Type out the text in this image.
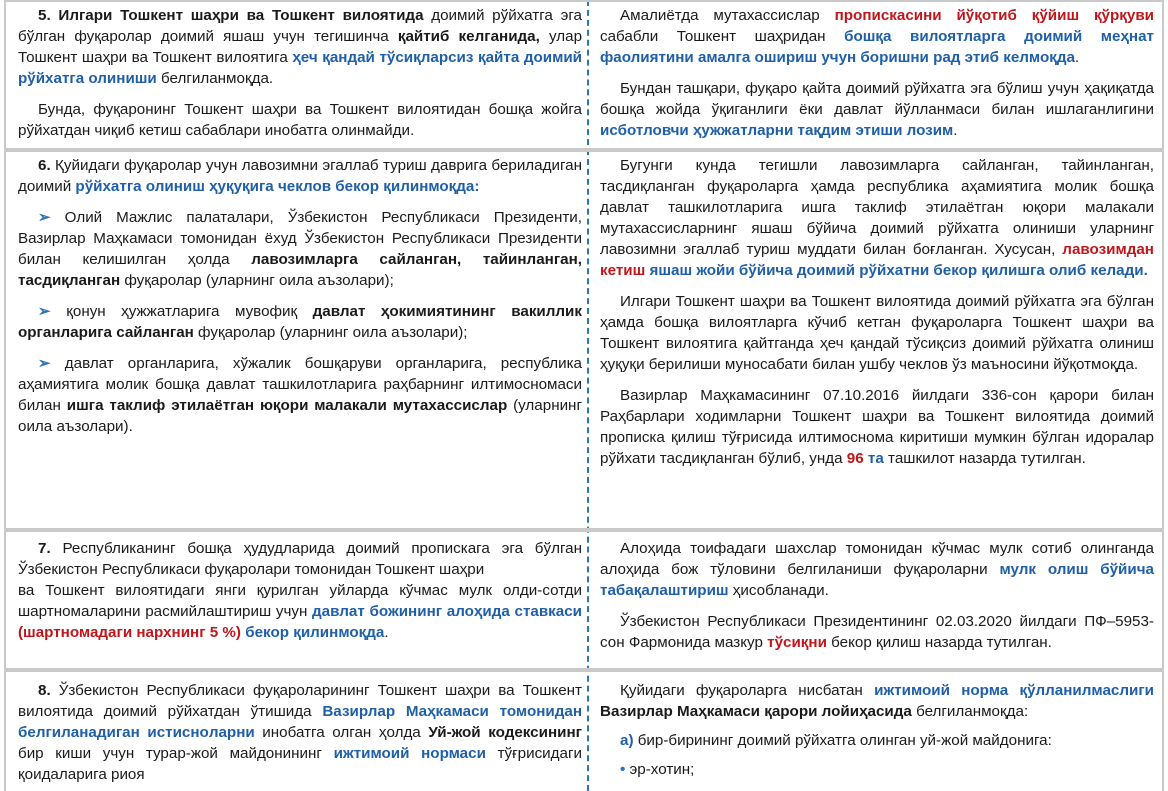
5. Илгари Тошкент шаҳри ва Тошкент вилоятида доимий рўйхатга эга бўлган фуқаролар доимий яшаш учун тегишинча қайтиб келганида, улар Тошкент шаҳри ва Тошкент вилоятига ҳеч қандай тўсиқларсиз қайта доимий рўйхатга олиниши белгиланмоқда.

Бунда, фуқаронинг Тошкент шаҳри ва Тошкент вилоятидан бошқа жойга рўйхатдан чиқиб кетиш сабаблари инобатга олинмайди.

Амалиётда мутахассислар пропискасини йўқотиб қўйиш қўрқуви сабабли Тошкент шаҳридан бошқа вилоятларга доимий меҳнат фаолиятини амалга ошириш учун боришни рад этиб келмоқда.

Бундан ташқари, фуқаро қайта доимий рўйхатга эга бўлиш учун ҳақиқатда бошқа жойда ўқиганлиги ёки давлат йўлланмаси билан ишлаганлигини исботловчи ҳужжатларни тақдим этиши лозим.

6. Қуйидаги фуқаролар учун лавозимни эгаллаб туриш даврига бериладиган доимий рўйхатга олиниш ҳуқуқига чеклов бекор қилинмоқда:

➢ Олий Мажлис палаталари, Ўзбекистон Республикаси Президенти, Вазирлар Маҳкамаси томонидан ёхуд Ўзбекистон Республикаси Президенти билан келишилган ҳолда лавозимларга сайланган, тайинланган, тасдиқланган фуқаролар (уларнинг оила аъзолари);

➢ қонун ҳужжатларига мувофиқ давлат ҳокимиятининг вакиллик органларига сайланган фуқаролар (уларнинг оила аъзолари);

➢ давлат органларига, хўжалик бошқаруви органларига, республика аҳамиятига молик бошқа давлат ташкилотларига раҳбарнинг илтимосномаси билан ишга таклиф этилаётган юқори малакали мутахассислар (уларнинг оила аъзолари).

Бугунги кунда тегишли лавозимларга сайланган, тайинланган, тасдиқланган фуқароларга ҳамда республика аҳамиятига молик бошқа давлат ташкилотларига ишга таклиф этилаётган юқори малакали мутахассисларнинг яшаш бўйича доимий рўйхатга олиниши уларнинг лавозимни эгаллаб туриш муддати билан боғланган. Хусусан, лавозимдан кетиш яшаш жойи бўйича доимий рўйхатни бекор қилишга олиб келади.

Илгари Тошкент шаҳри ва Тошкент вилоятида доимий рўйхатга эга бўлган ҳамда бошқа вилоятларга кўчиб кетган фуқароларга Тошкент шаҳри ва Тошкент вилоятига қайтганда ҳеч қандай тўсиқсиз доимий рўйхатга олиниш ҳуқуқи берилиши муносабати билан ушбу чеклов ўз маъносини йўқотмоқда.

Вазирлар Маҳкамасининг 07.10.2016 йилдаги 336-сон қарори билан Раҳбарлари ходимларни Тошкент шаҳри ва Тошкент вилоятида доимий прописка қилиш тўғрисида илтимоснома киритиши мумкин бўлган идоралар рўйхати тасдиқланган бўлиб, унда 96 та ташкилот назарда тутилган.

7. Республиканинг бошқа ҳудудларида доимий пропискага эга бўлган Ўзбекистон Республикаси фуқаролари томонидан Тошкент шаҳри

ва Тошкент вилоятидаги янги қурилган уйларда кўчмас мулк олди-сотди шартномаларини расмийлаштириш учун давлат божининг алоҳида ставкаси (шартномадаги нархнинг 5 %) бекор қилинмоқда.

Алоҳида тоифадаги шахслар томонидан кўчмас мулк сотиб олинганда алоҳида бож тўловини белгиланиши фуқароларни мулк олиш бўйича табақалаштириш ҳисобланади.

Ўзбекистон Республикаси Президентининг 02.03.2020 йилдаги ПФ–5953-сон Фармонида мазкур тўсиқни бекор қилиш назарда тутилган.

8. Ўзбекистон Республикаси фуқароларининг Тошкент шаҳри ва Тошкент вилоятида доимий рўйхатдан ўтишида Вазирлар Маҳкамаси томонидан белгиланадиган истиснoларни инобатга олган ҳолда Уй-жой кодексининг бир киши учун турар-жой майдонининг ижтимоий нормаси тўғрисидаги қоидаларига риоя

Қуйидаги фуқароларга нисбатан ижтимоий норма қўлланилмаслиги Вазирлар Маҳкамаси қарори лойиҳасида белгиланмоқда:

а) бир-бирининг доимий рўйхатга олинган уй-жой майдонига:

• эр-хотин;
